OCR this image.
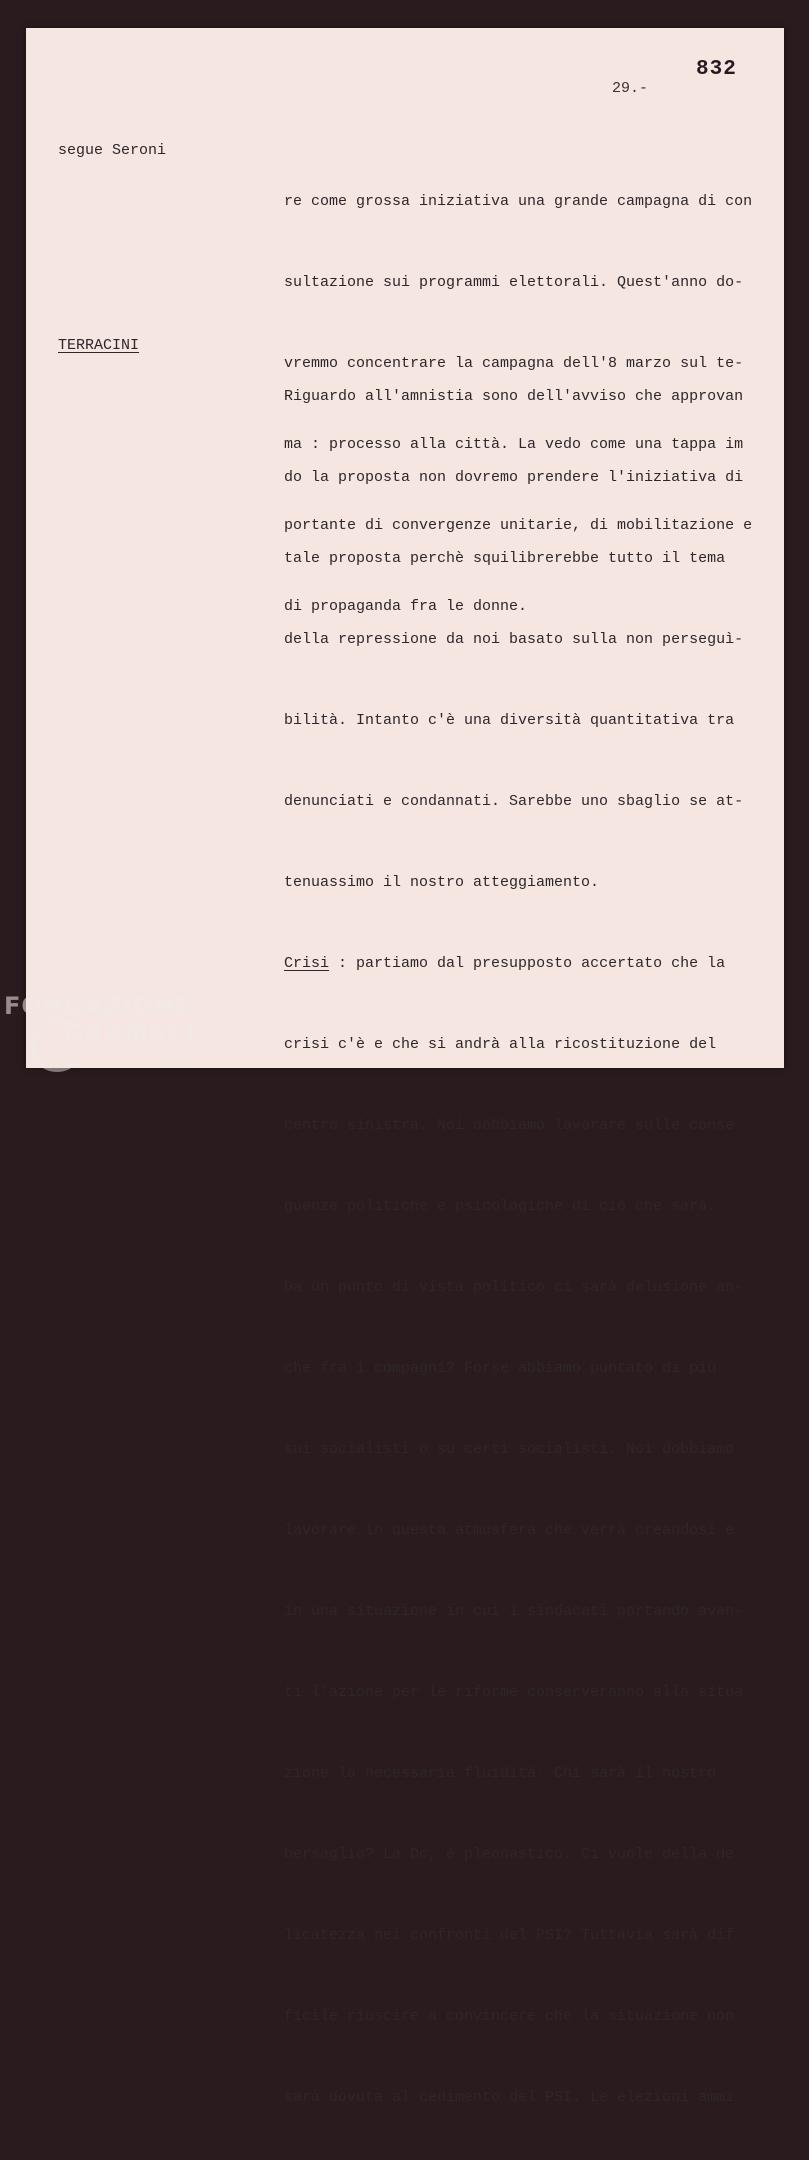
832
29.-
segue Seroni

re come grossa iniziativa una grande campagna di con

sultazione sui programmi elettorali. Quest'anno do-

vremmo concentrare la campagna dell'8 marzo sul te-

ma : processo alla città. La vedo come una tappa im

portante di convergenze unitarie, di mobilitazione e

di propaganda fra le donne.

TERRACINI

Riguardo all'amnistia sono dell'avviso che approvan

do la proposta non dovremo prendere l'iniziativa di

tale proposta perchè squilibrerebbe tutto il tema

della repressione da noi basato sulla non perseguì-

bilità. Intanto c'è una diversità quantitativa tra

denunciati e condannati. Sarebbe uno sbaglio se at-

tenuassimo il nostro atteggiamento.

Crisi : partiamo dal presupposto accertato che la

crisi c'è e che si andrà alla ricostituzione del

centro sinistra. Noi dobbiamo lavorare sulle conse

guenze politiche e psicologiche di ciò che sarà.

Da un punto di vista politico ci sarà delusione an-

che fra i compagni? Forse abbiamo puntato di più

sui socialisti o su certi socialisti. Noi dobbiamo

lavorare in questa atmosfera che verrà creandosi e

in una situazione in cui i sindacati portando avan-

ti l'azione per le riforme conserveranno alla situa

zione la necessaria fluidità. Chi sarà il nostro

bersaglio? La Dc, è pleonastico. Ci vuole della de

licatezza nei confronti del PSI? Tuttavia sarà dif

ficile riuscire a convincere che la situazione non

sarà dovuta al cedimento del PSI. Le elezioni ammi

FONDAZIONE
GRAMSCI
onlus
